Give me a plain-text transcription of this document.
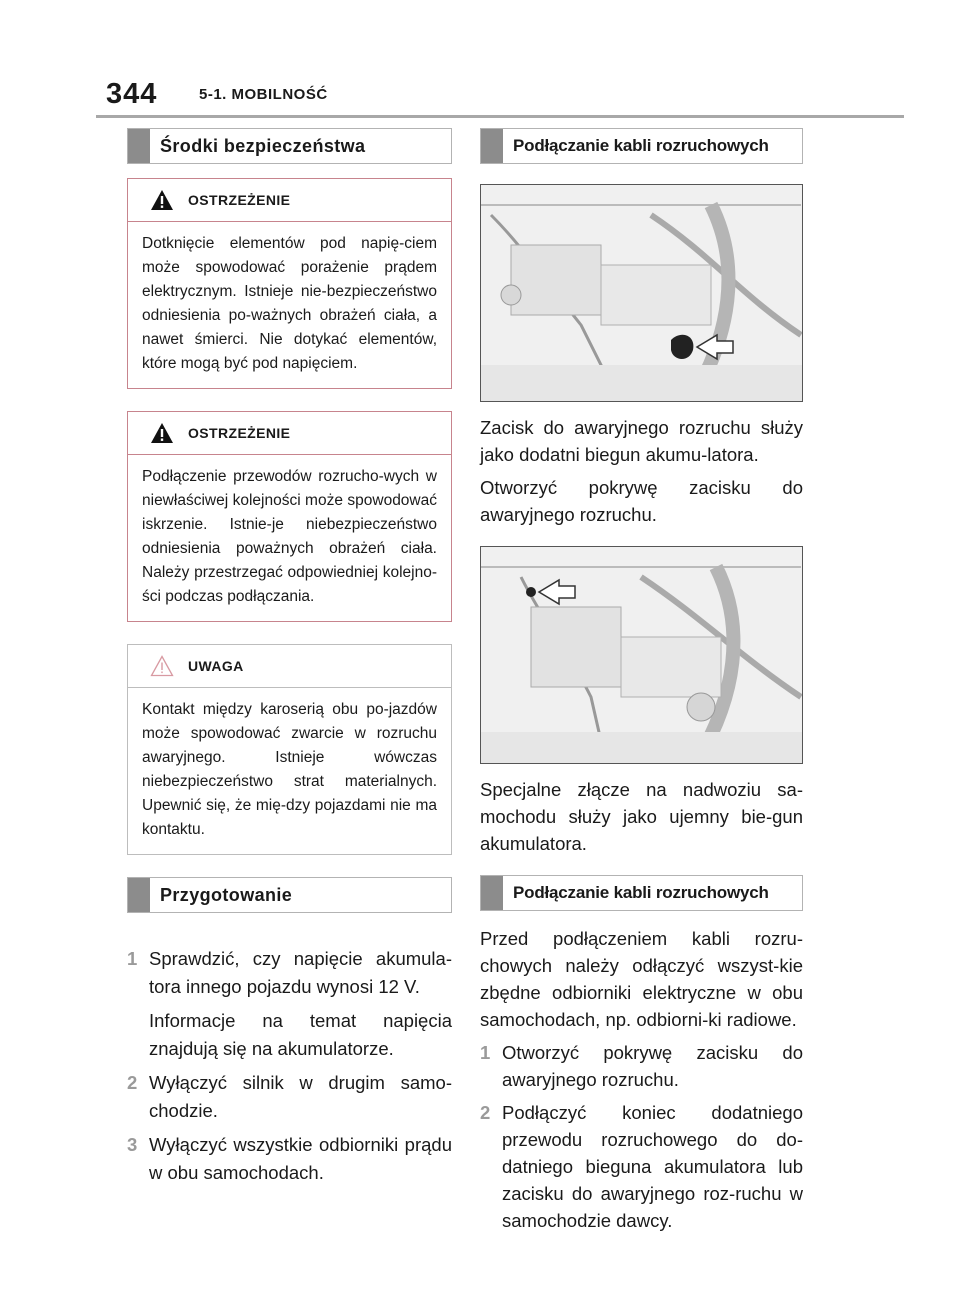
344	5-1. MOBILNOŚĆ
Środki bezpieczeństwa
OSTRZEŻENIE
Dotknięcie elementów pod napię-ciem może spowodować porażenie prądem elektrycznym. Istnieje nie-bezpieczeństwo odniesienia po-ważnych obrażeń ciała, a nawet śmierci. Nie dotykać elementów, które mogą być pod napięciem.
OSTRZEŻENIE
Podłączenie przewodów rozrucho-wych w niewłaściwej kolejności może spowodować iskrzenie. Istnie-je niebezpieczeństwo odniesienia poważnych obrażeń ciała. Należy przestrzegać odpowiedniej kolejno-ści podczas podłączania.
UWAGA
Kontakt między karoserią obu po-jazdów może spowodować zwarcie w rozruchu awaryjnego. Istnieje wówczas niebezpieczeństwo strat materialnych. Upewnić się, że mię-dzy pojazdami nie ma kontaktu.
Przygotowanie
1 Sprawdzić, czy napięcie akumula-tora innego pojazdu wynosi 12 V.
Informacje na temat napięcia znajdują się na akumulatorze.
2 Wyłączyć silnik w drugim samo-chodzie.
3 Wyłączyć wszystkie odbiorniki prądu w obu samochodach.
Podłączanie kabli rozruchowych
Zacisk do awaryjnego rozruchu służy jako dodatni biegun akumu-latora.
Otworzyć pokrywę zacisku do awaryjnego rozruchu.
Specjalne złącze na nadwoziu sa-mochodu służy jako ujemny bie-gun akumulatora.
Podłączanie kabli rozruchowych
Przed podłączeniem kabli rozru-chowych należy odłączyć wszyst-kie zbędne odbiorniki elektryczne w obu samochodach, np. odbiorni-ki radiowe.
1 Otworzyć pokrywę zacisku do awaryjnego rozruchu.
2 Podłączyć koniec dodatniego przewodu rozruchowego do do-datniego bieguna akumulatora lub zacisku do awaryjnego roz-ruchu w samochodzie dawcy.
